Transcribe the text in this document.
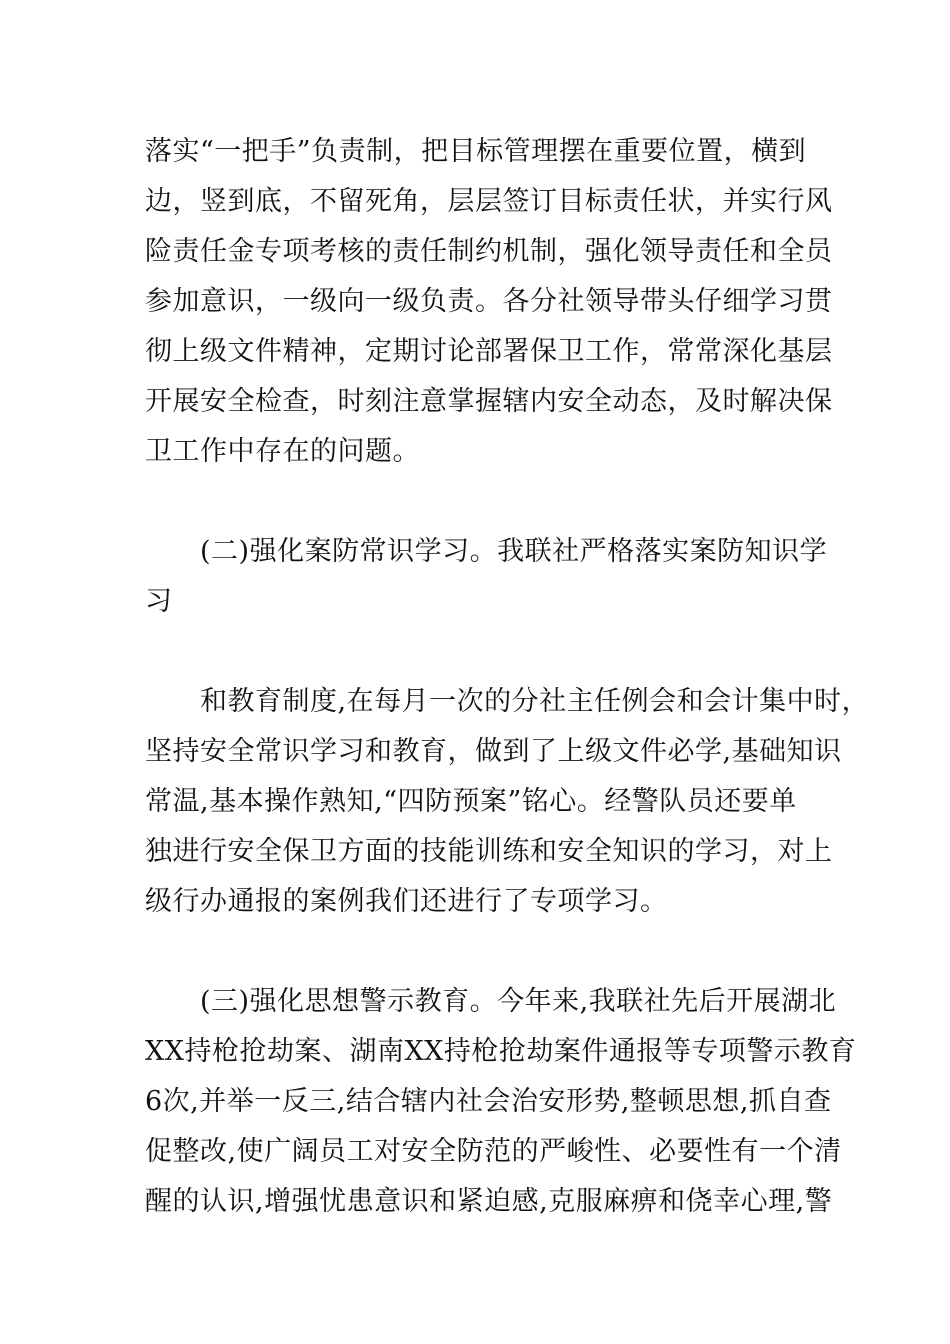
落实“一把手”负责制，把目标管理摆在重要位置，横到
边，竖到底，不留死角，层层签订目标责任状，并实行风
险责任金专项考核的责任制约机制，强化领导责任和全员
参加意识，一级向一级负责。各分社领导带头仔细学习贯
彻上级文件精神，定期讨论部署保卫工作，常常深化基层
开展安全检查，时刻注意掌握辖内安全动态，及时解决保
卫工作中存在的问题。
(二)强化案防常识学习。我联社严格落实案防知识学
习
和教育制度,在每月一次的分社主任例会和会计集中时，
坚持安全常识学习和教育，做到了上级文件必学,基础知识
常温,基本操作熟知,“四防预案”铭心。经警队员还要单
独进行安全保卫方面的技能训练和安全知识的学习，对上
级行办通报的案例我们还进行了专项学习。
(三)强化思想警示教育。今年来,我联社先后开展湖北
XX持枪抢劫案、湖南XX持枪抢劫案件通报等专项警示教育
6次,并举一反三,结合辖内社会治安形势,整顿思想,抓自查
促整改,使广阔员工对安全防范的严峻性、必要性有一个清
醒的认识,增强忧患意识和紧迫感,克服麻痹和侥幸心理,警
